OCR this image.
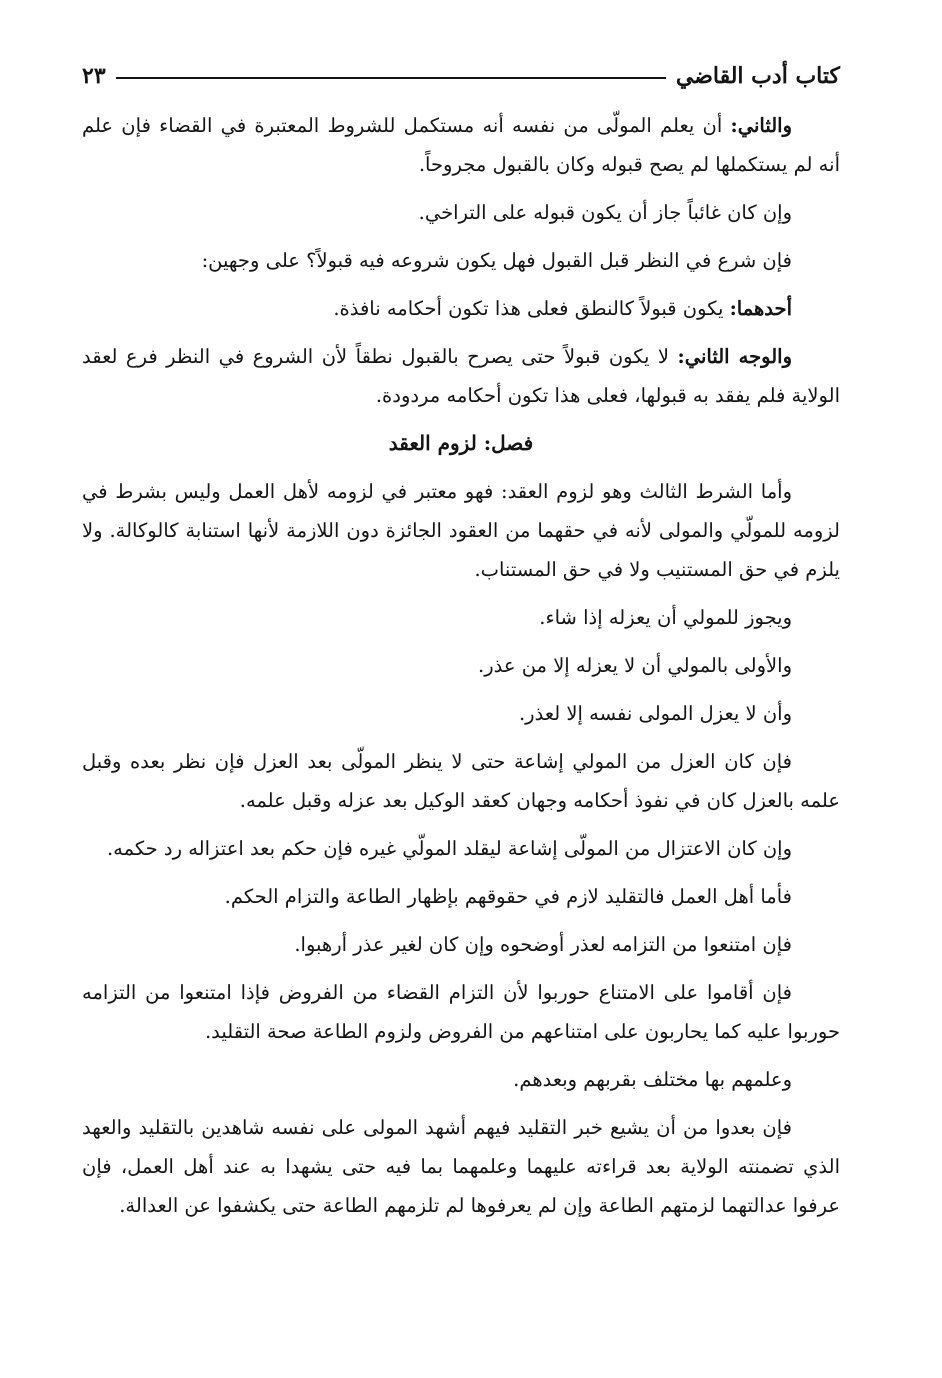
كتاب أدب القاضي
٢٣

والثاني: أن يعلم المولّى من نفسه أنه مستكمل للشروط المعتبرة في القضاء فإن علم أنه لم يستكملها لم يصح قبوله وكان بالقبول مجروحاً.

وإن كان غائباً جاز أن يكون قبوله على التراخي.

فإن شرع في النظر قبل القبول فهل يكون شروعه فيه قبولاً؟ على وجهين:

أحدهما: يكون قبولاً كالنطق فعلى هذا تكون أحكامه نافذة.

والوجه الثاني: لا يكون قبولاً حتى يصرح بالقبول نطقاً لأن الشروع في النظر فرع لعقد الولاية فلم يفقد به قبولها، فعلى هذا تكون أحكامه مردودة.

فصل: لزوم العقد

وأما الشرط الثالث وهو لزوم العقد: فهو معتبر في لزومه لأهل العمل وليس بشرط في لزومه للمولّي والمولى لأنه في حقهما من العقود الجائزة دون اللازمة لأنها استنابة كالوكالة. ولا يلزم في حق المستنيب ولا في حق المستناب.

ويجوز للمولي أن يعزله إذا شاء.

والأولى بالمولي أن لا يعزله إلا من عذر.

وأن لا يعزل المولى نفسه إلا لعذر.

فإن كان العزل من المولي إشاعة حتى لا ينظر المولّى بعد العزل فإن نظر بعده وقبل علمه بالعزل كان في نفوذ أحكامه وجهان كعقد الوكيل بعد عزله وقبل علمه.

وإن كان الاعتزال من المولّى إشاعة ليقلد المولّي غيره فإن حكم بعد اعتزاله رد حكمه.

فأما أهل العمل فالتقليد لازم في حقوقهم بإظهار الطاعة والتزام الحكم.

فإن امتنعوا من التزامه لعذر أوضحوه وإن كان لغير عذر أرهبوا.

فإن أقاموا على الامتناع حوربوا لأن التزام القضاء من الفروض فإذا امتنعوا من التزامه حوربوا عليه كما يحاربون على امتناعهم من الفروض ولزوم الطاعة صحة التقليد.

وعلمهم بها مختلف بقربهم وبعدهم.

فإن بعدوا من أن يشيع خبر التقليد فيهم أشهد المولى على نفسه شاهدين بالتقليد والعهد الذي تضمنته الولاية بعد قراءته عليهما وعلمهما بما فيه حتى يشهدا به عند أهل العمل، فإن عرفوا عدالتهما لزمتهم الطاعة وإن لم يعرفوها لم تلزمهم الطاعة حتى يكشفوا عن العدالة.
